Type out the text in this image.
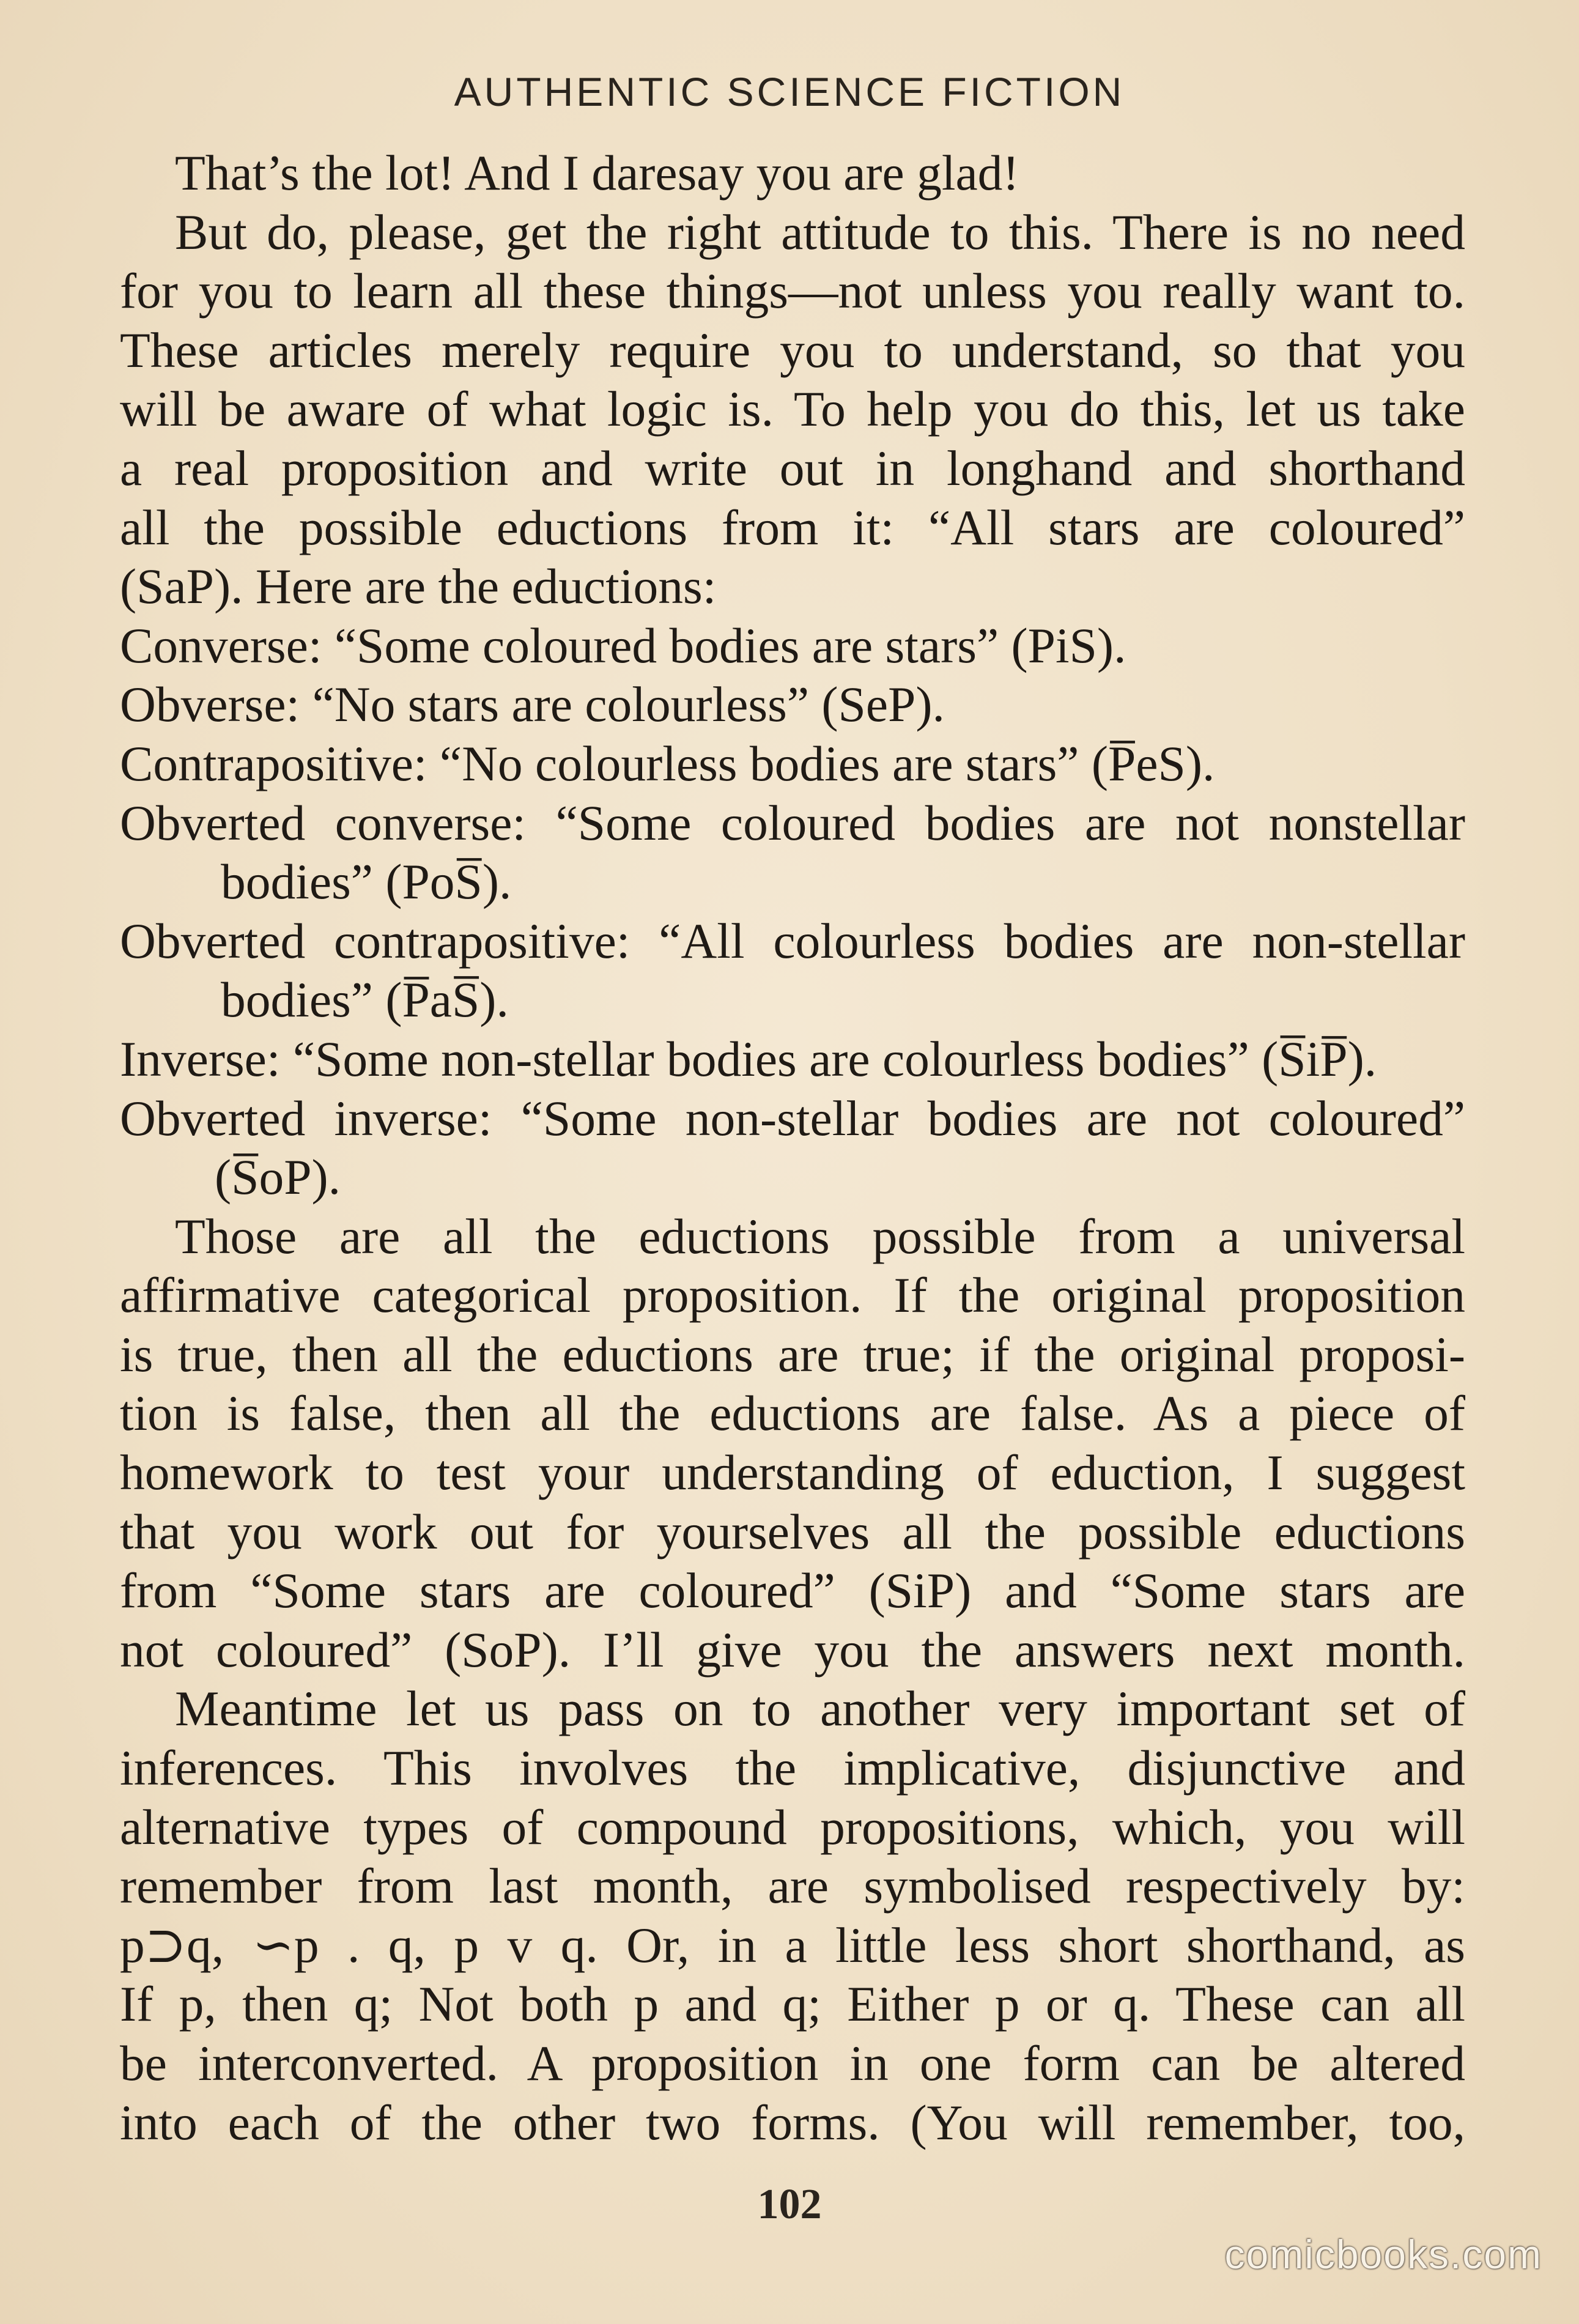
AUTHENTIC SCIENCE FICTION
That’s the lot! And I daresay you are glad!
But do, please, get the right attitude to this. There is no need
for you to learn all these things—not unless you really want to.
These articles merely require you to understand, so that you
will be aware of what logic is. To help you do this, let us take
a real proposition and write out in longhand and shorthand
all the possible eductions from it: “All stars are coloured”
(SaP). Here are the eductions:
Converse: “Some coloured bodies are stars” (PiS).
Obverse: “No stars are colourless” (SeP).
Contrapositive: “No colourless bodies are stars” (P̅eS).
Obverted converse: “Some coloured bodies are not nonstellar
bodies” (PoS̅).
Obverted contrapositive: “All colourless bodies are non-stellar
bodies” (P̅aS̅).
Inverse: “Some non-stellar bodies are colourless bodies” (S̅iP̅).
Obverted inverse: “Some non-stellar bodies are not coloured”
(S̅oP).
Those are all the eductions possible from a universal
affirmative categorical proposition. If the original proposition
is true, then all the eductions are true; if the original proposi-
tion is false, then all the eductions are false. As a piece of
homework to test your understanding of eduction, I suggest
that you work out for yourselves all the possible eductions
from “Some stars are coloured” (SiP) and “Some stars are
not coloured” (SoP). I’ll give you the answers next month.
Meantime let us pass on to another very important set of
inferences. This involves the implicative, disjunctive and
alternative types of compound propositions, which, you will
remember from last month, are symbolised respectively by:
p⊃q, ∽p . q, p v q. Or, in a little less short shorthand, as
If p, then q; Not both p and q; Either p or q. These can all
be interconverted. A proposition in one form can be altered
into each of the other two forms. (You will remember, too,
102
comicbooks.com
